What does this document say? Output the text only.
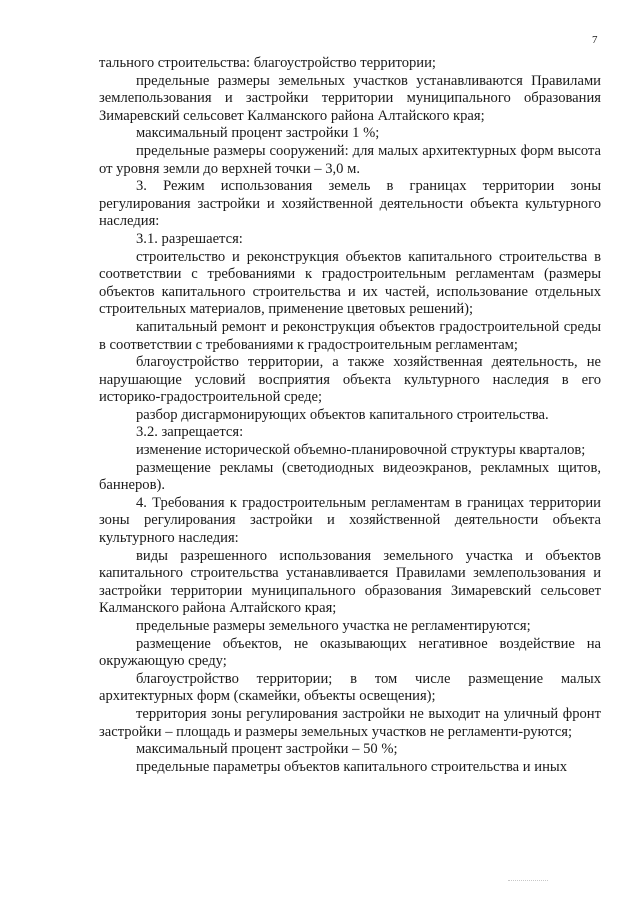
7

тального строительства: благоустройство территории;

предельные размеры земельных участков устанавливаются Правилами землепользования и застройки территории муниципального образования Зимаревский сельсовет Калманского района Алтайского края;

максимальный процент застройки 1 %;

предельные размеры сооружений: для малых архитектурных форм высота от уровня земли до верхней точки – 3,0 м.

3. Режим использования земель в границах территории зоны регулирования застройки и хозяйственной деятельности объекта культурного наследия:

3.1. разрешается:

строительство и реконструкция объектов капитального строительства в соответствии с требованиями к градостроительным регламентам (размеры объектов капитального строительства и их частей, использование отдельных строительных материалов, применение цветовых решений);

капитальный ремонт и реконструкция объектов градостроительной среды в соответствии с требованиями к градостроительным регламентам;

благоустройство территории, а также хозяйственная деятельность, не нарушающие условий восприятия объекта культурного наследия в его историко-градостроительной среде;

разбор дисгармонирующих объектов капитального строительства.

3.2. запрещается:

изменение исторической объемно-планировочной структуры кварталов;

размещение рекламы (светодиодных видеоэкранов, рекламных щитов, баннеров).

4. Требования к градостроительным регламентам в границах территории зоны регулирования застройки и хозяйственной деятельности объекта культурного наследия:

виды разрешенного использования земельного участка и объектов капитального строительства устанавливается Правилами землепользования и застройки территории муниципального образования Зимаревский сельсовет Калманского района Алтайского края;

предельные размеры земельного участка не регламентируются;

размещение объектов, не оказывающих негативное воздействие на окружающую среду;

благоустройство территории; в том числе размещение малых архитектурных форм (скамейки, объекты освещения);

территория зоны регулирования застройки не выходит на уличный фронт застройки – площадь и размеры земельных участков не регламенти-руются;

максимальный процент застройки – 50 %;

предельные параметры объектов капитального строительства и иных
